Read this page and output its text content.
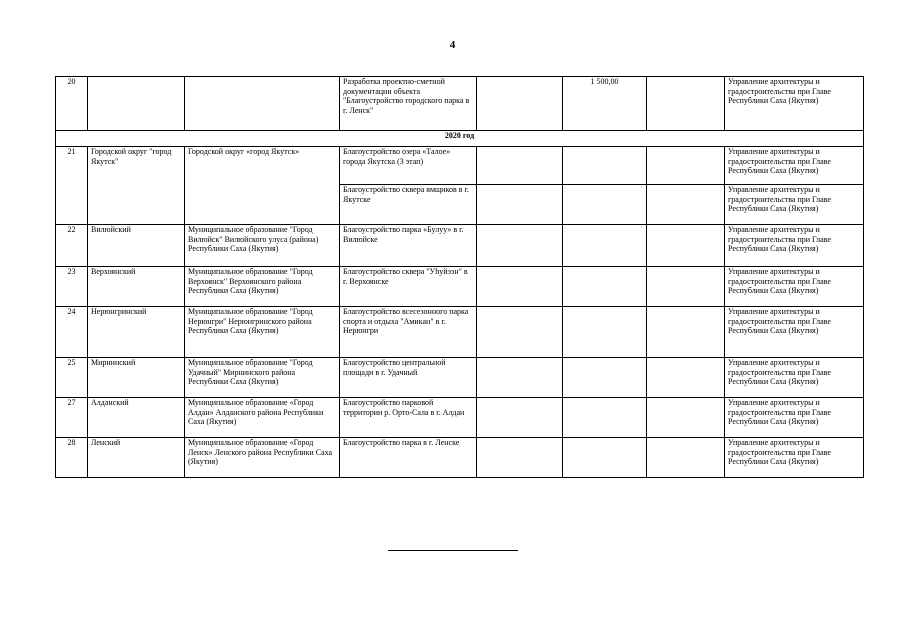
4
20			Разработка проектно-сметной документации объекта "Благоустройство городского парка в г. Ленск"		1 500,00		Управление архитектуры и градостроительства при Главе Республики Саха (Якутия)
2020 год							
21	Городской округ "город Якутск"	Городской округ «город Якутск»	Благоустройство озера «Талое» города Якутска (3 этап)				Управление архитектуры и градостроительства при Главе Республики Саха (Якутия)
			Благоустройство сквера ямщиков в г. Якутске				Управление архитектуры и градостроительства при Главе Республики Саха (Якутия)
22	Вилюйский	Муниципальное образование "Город Вилюйск" Вилюйского улуса (района) Республики Саха (Якутия)	Благоустройство парка «Булуу» в г. Вилюйске				Управление архитектуры и градостроительства при Главе Республики Саха (Якутия)
23	Верхоянский	Муниципальное образование "Город Верхоянск" Верхоянского района Республики Саха (Якутия)	Благоустройство сквера "Уһуйээн" в г. Верхоянске				Управление архитектуры и градостроительства при Главе Республики Саха (Якутия)
24	Нерюнгринский	Муниципальное образование "Город Нерюнгри" Нерюнгринского района Республики Саха (Якутия)	Благоустройство всесезонного парка спорта и отдыха "Амикан" в г. Нерюнгри				Управление архитектуры и градостроительства при Главе Республики Саха (Якутия)
25	Мирнинский	Муниципальное образование "Город Удачный" Мирнинского района Республики Саха (Якутия)	Благоустройство центральной площади в г. Удачный				Управление архитектуры и градостроительства при Главе Республики Саха (Якутия)
27	Алданский	Муниципальное образование «Город Алдан» Алданского района Республики Саха (Якутия)	Благоустройство парковой территории р. Орто-Сала в г. Алдан				Управление архитектуры и градостроительства при Главе Республики Саха (Якутия)
28	Ленский	Муниципальное образование «Город Ленск» Ленского района Республики Саха (Якутия)	Благоустройство парка в г. Ленске				Управление архитектуры и градостроительства при Главе Республики Саха (Якутия)
